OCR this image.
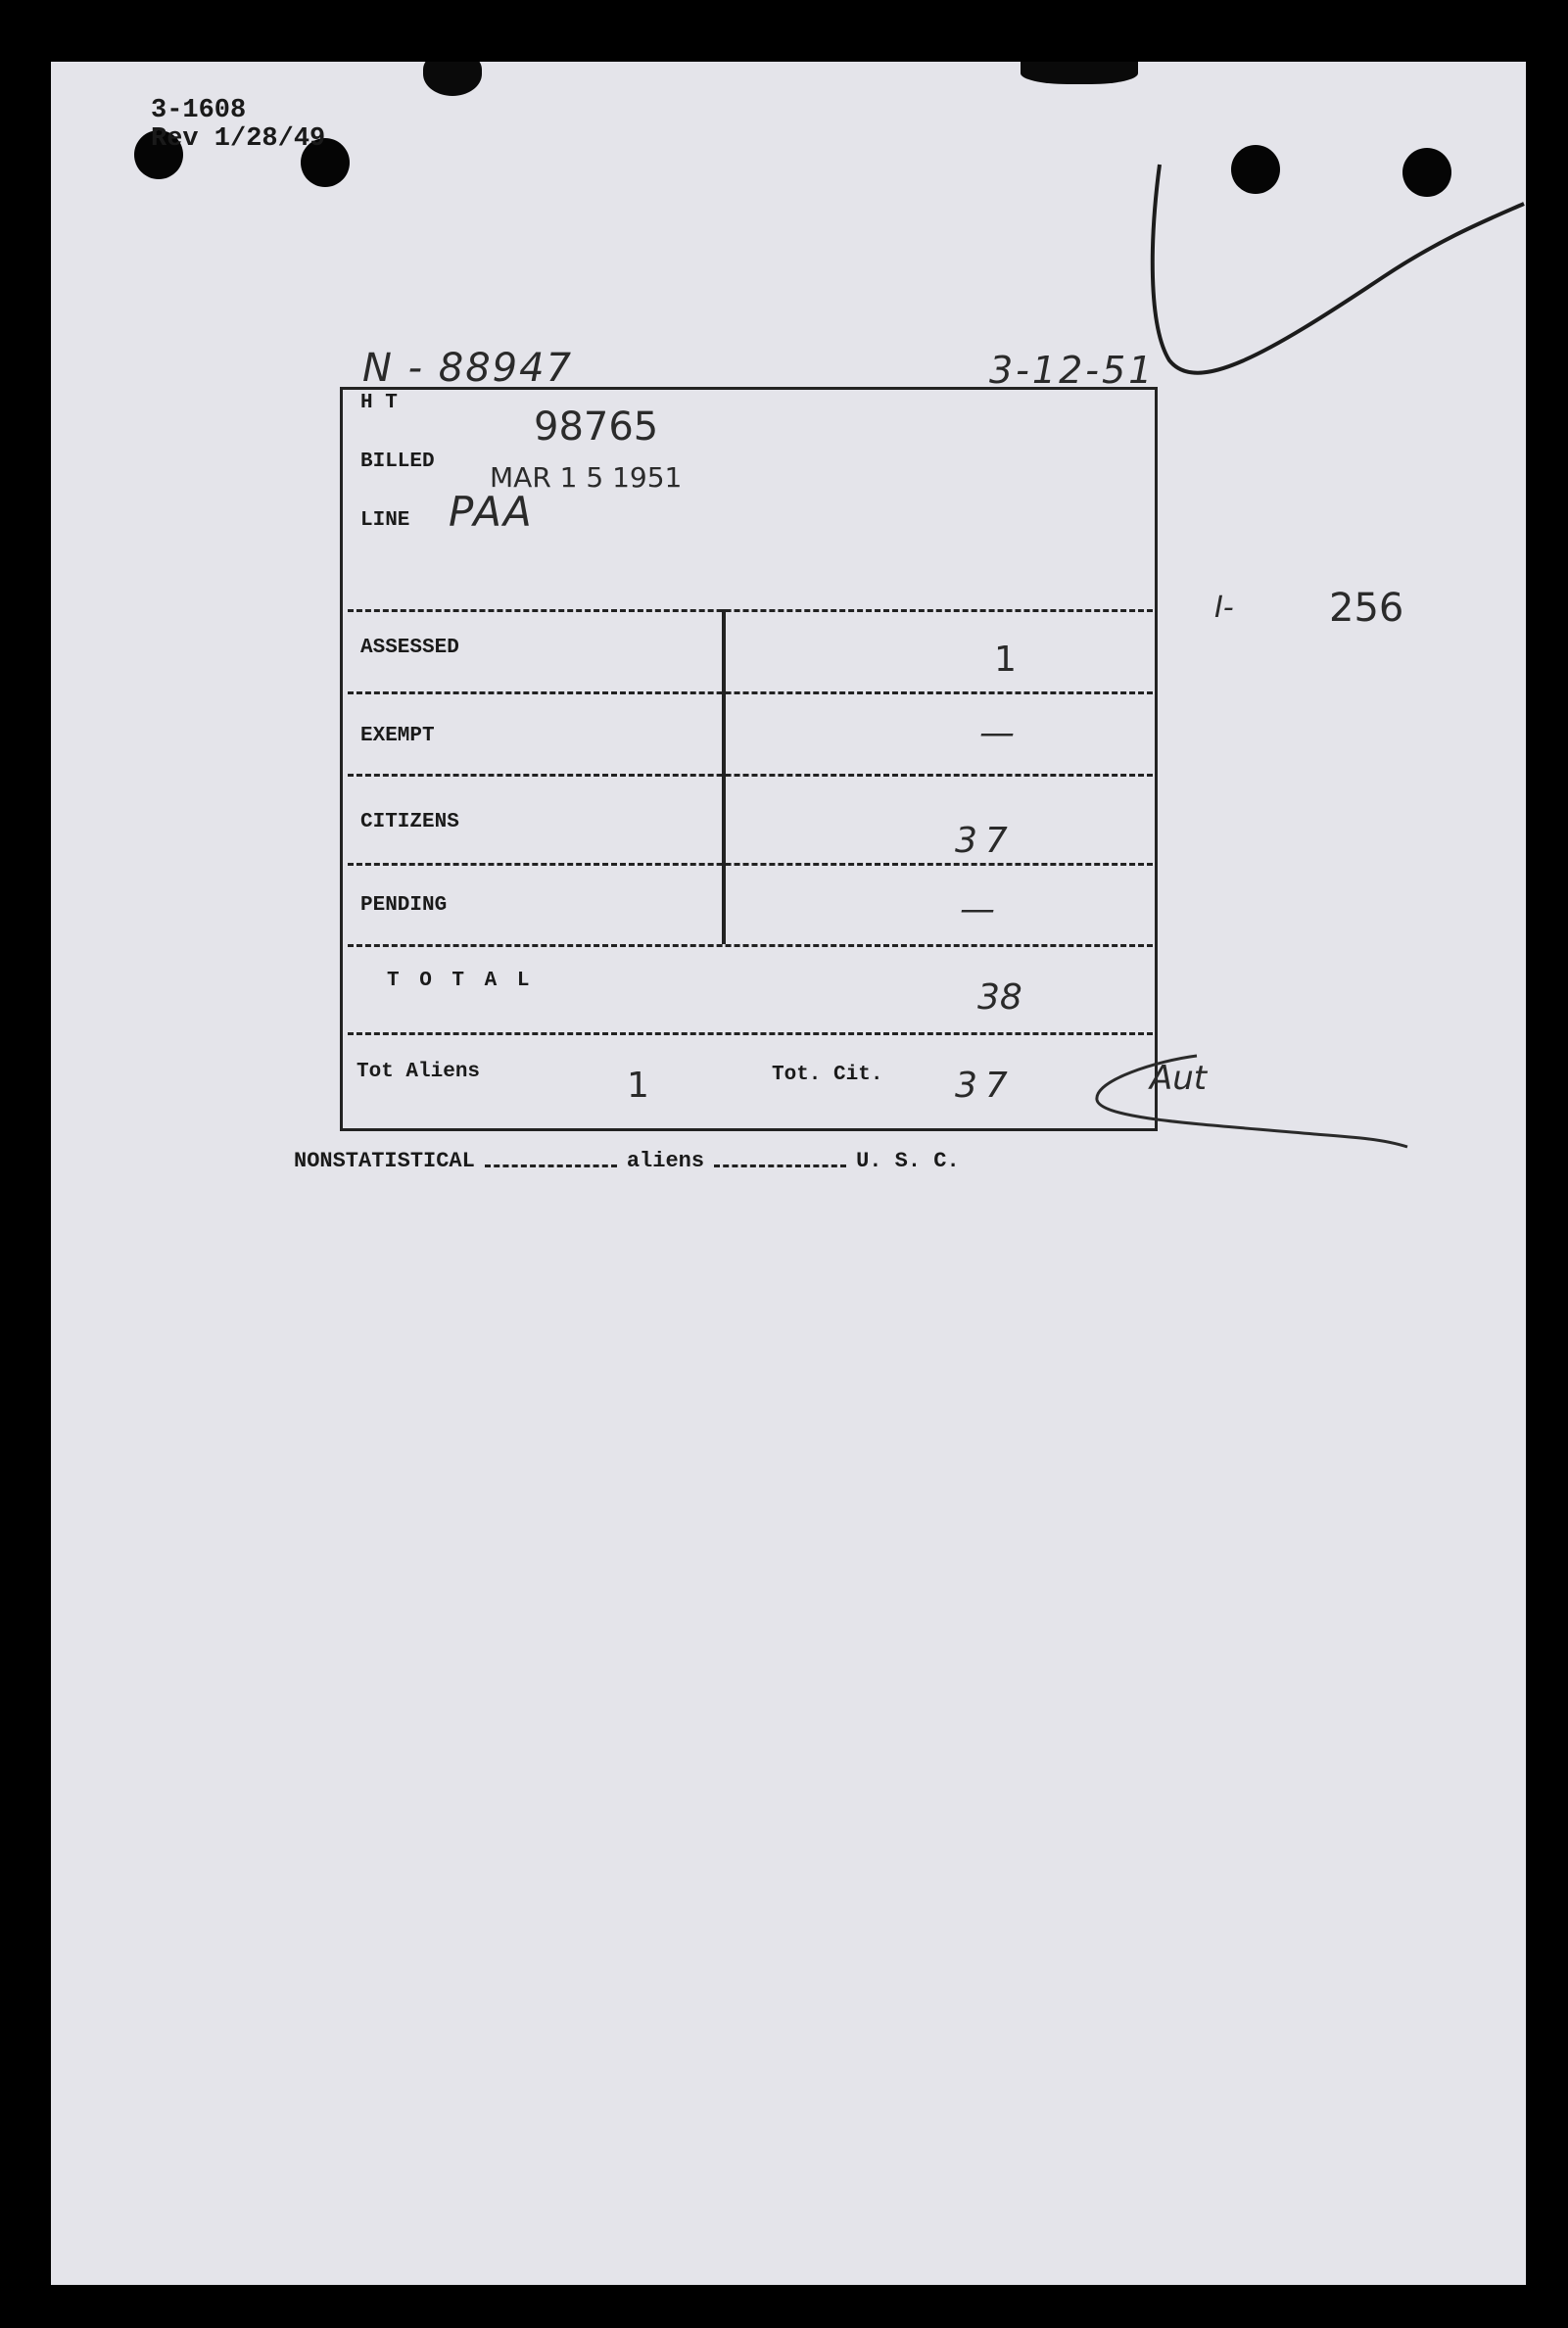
3-1608
Rev 1/28/49
N - 88947	3-12-51
I- 256
H T
98765
BILLED MAR 1 5 1951
LINE PAA
ASSESSED	1
EXEMPT	—
CITIZENS	37
PENDING	—
T O T A L	38
Tot Aliens	1	Tot. Cit. 37	Aut
NONSTATISTICAL	aliens	U. S. C.
